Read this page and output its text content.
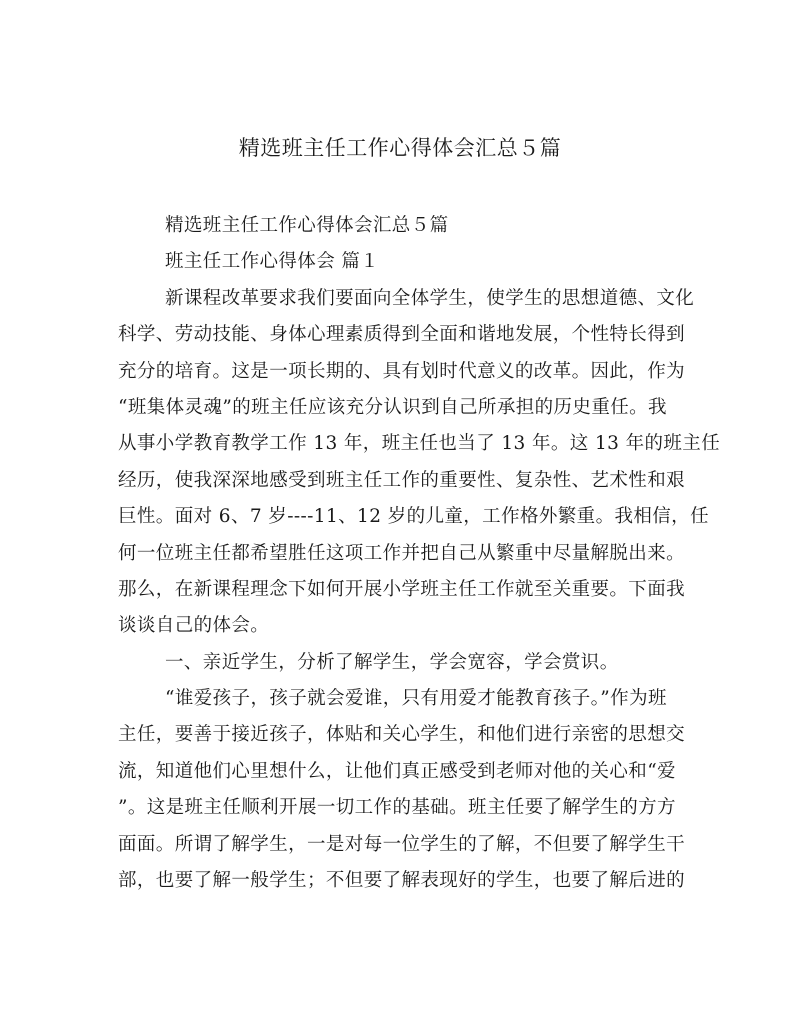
精选班主任工作心得体会汇总５篇
精选班主任工作心得体会汇总５篇
班主任工作心得体会 篇１
新课程改革要求我们要面向全体学生，使学生的思想道德、文化
科学、劳动技能、身体心理素质得到全面和谐地发展，个性特长得到
充分的培育。这是一项长期的、具有划时代意义的改革。因此，作为
“班集体灵魂”的班主任应该充分认识到自己所承担的历史重任。我
从事小学教育教学工作 13 年，班主任也当了 13 年。这 13 年的班主任
经历，使我深深地感受到班主任工作的重要性、复杂性、艺术性和艰
巨性。面对 6、7 岁----11、12 岁的儿童，工作格外繁重。我相信，任
何一位班主任都希望胜任这项工作并把自己从繁重中尽量解脱出来。
那么，在新课程理念下如何开展小学班主任工作就至关重要。下面我
谈谈自己的体会。
一、亲近学生，分析了解学生，学会宽容，学会赏识。
“谁爱孩子，孩子就会爱谁，只有用爱才能教育孩子。”作为班
主任，要善于接近孩子，体贴和关心学生，和他们进行亲密的思想交
流，知道他们心里想什么，让他们真正感受到老师对他的关心和“爱
”。这是班主任顺利开展一切工作的基础。班主任要了解学生的方方
面面。所谓了解学生，一是对每一位学生的了解，不但要了解学生干
部，也要了解一般学生；不但要了解表现好的学生，也要了解后进的
